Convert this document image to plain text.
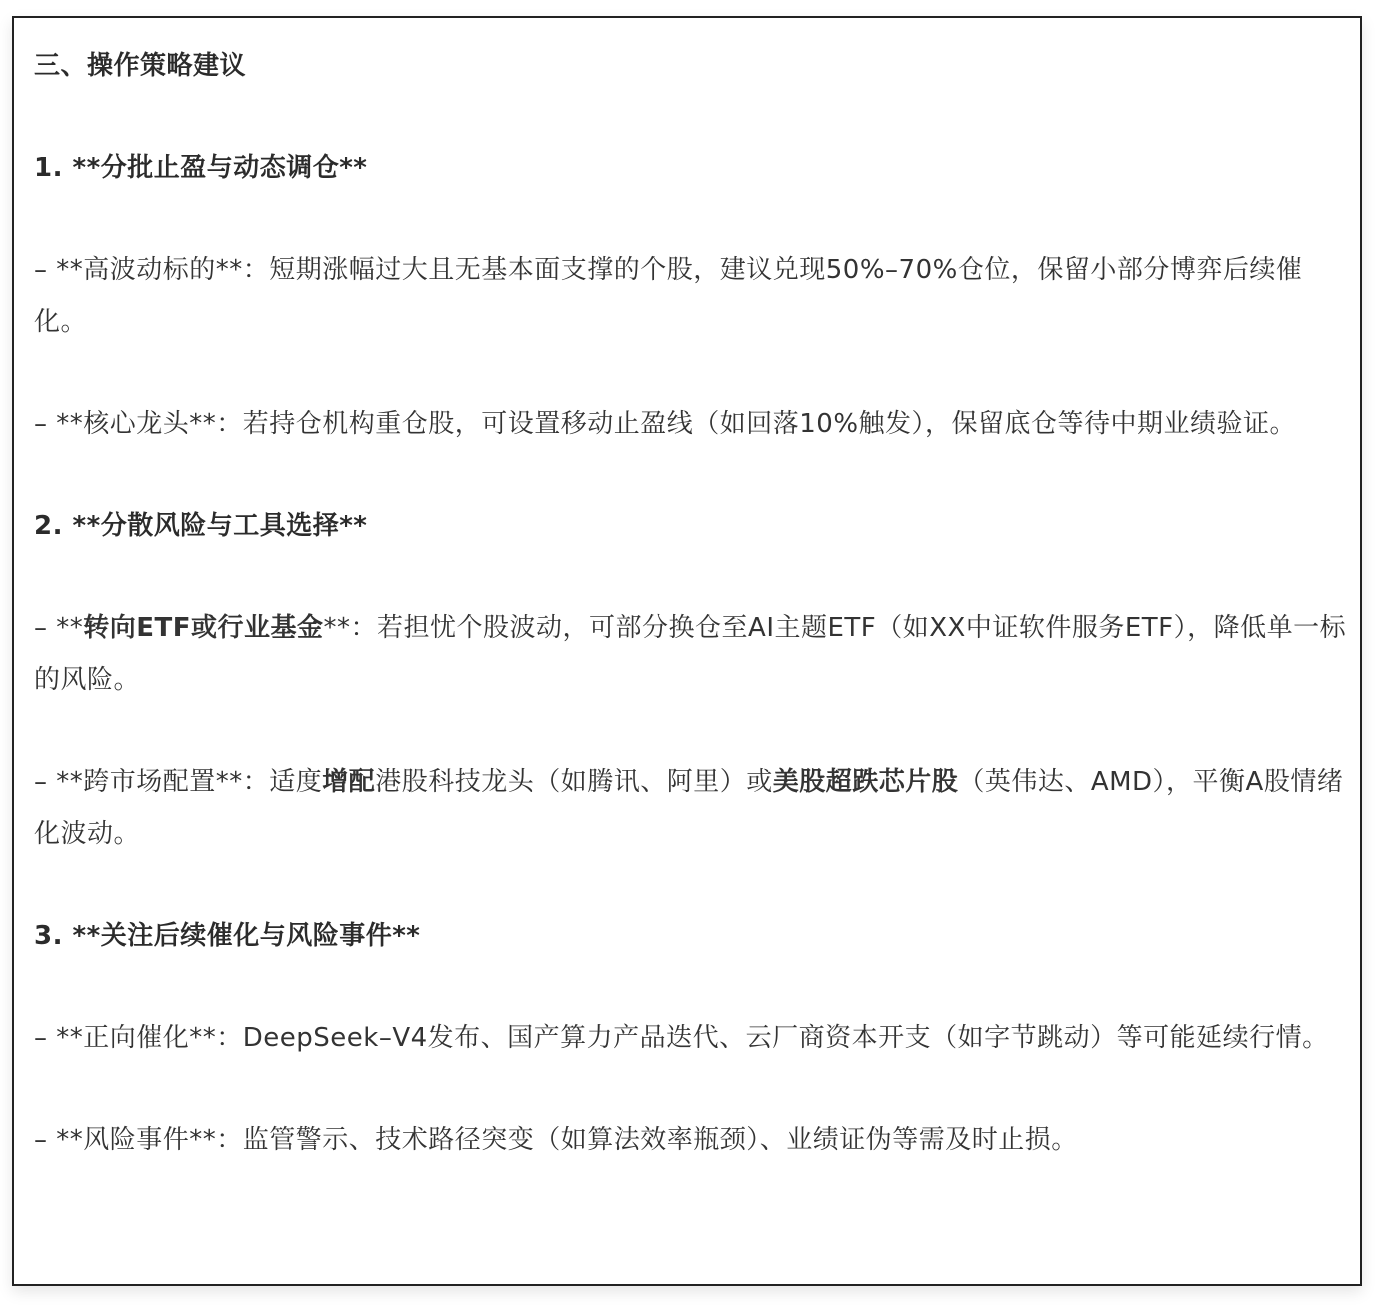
三、操作策略建议

1. **分批止盈与动态调仓**

– **高波动标的**：短期涨幅过大且无基本面支撑的个股，建议兑现50%–70%仓位，保留小部分博弈后续催化。

– **核心龙头**：若持仓机构重仓股，可设置移动止盈线（如回落10%触发），保留底仓等待中期业绩验证。

2. **分散风险与工具选择**

– **转向ETF或行业基金**：若担忧个股波动，可部分换仓至AI主题ETF（如XX中证软件服务ETF），降低单一标的风险。

– **跨市场配置**：适度增配港股科技龙头（如腾讯、阿里）或美股超跌芯片股（英伟达、AMD），平衡A股情绪化波动。

3. **关注后续催化与风险事件**

– **正向催化**：DeepSeek–V4发布、国产算力产品迭代、云厂商资本开支（如字节跳动）等可能延续行情。

– **风险事件**：监管警示、技术路径突变（如算法效率瓶颈）、业绩证伪等需及时止损。
